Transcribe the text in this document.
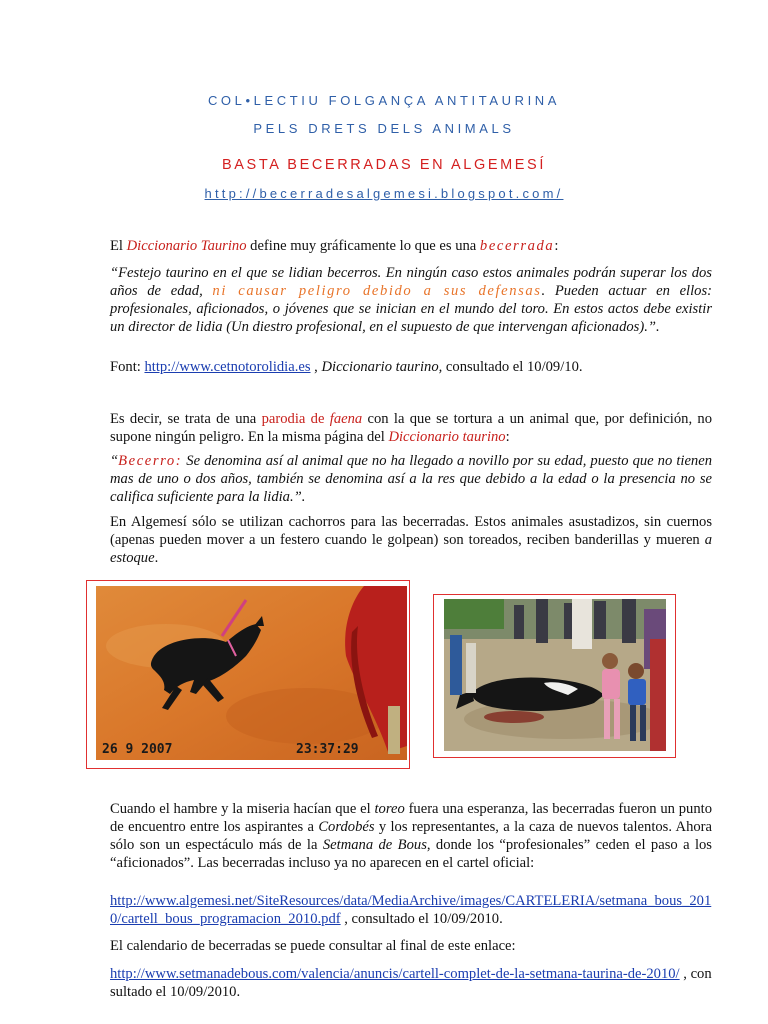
COL•LECTIU FOLGANÇA ANTITAURINA
PELS DRETS DELS ANIMALS
BASTA BECERRADAS EN ALGEMESÍ
http://becerradesalgemesi.blogspot.com/

El Diccionario Taurino define muy gráficamente lo que es una becerrada:

“Festejo taurino en el que se lidian becerros. En ningún caso estos animales podrán superar los dos años de edad, ni causar peligro debido a sus defensas. Pueden actuar en ellos: profesionales, aficionados, o jóvenes que se inician en el mundo del toro. En estos actos debe existir un director de lidia (Un diestro profesional, en el supuesto de que intervengan aficionados).”.

Font: http://www.cetnotorolidia.es , Diccionario taurino, consultado el 10/09/10.

Es decir, se trata de una parodia de faena con la que se tortura a un animal que, por definición, no supone ningún peligro. En la misma página del Diccionario taurino:

“Becerro: Se denomina así al animal que no ha llegado a novillo por su edad, puesto que no tienen mas de uno o dos años, también se denomina así a la res que debido a la edad o la presencia no se califica suficiente para la lidia.”.

En Algemesí sólo se utilizan cachorros para las becerradas. Estos animales asustadizos, sin cuernos (apenas pueden mover a un festero cuando le golpean) son toreados, reciben banderillas y mueren a estoque.

26 9 2007	23:37:29

Cuando el hambre y la miseria hacían que el toreo fuera una esperanza, las becerradas fueron un punto de encuentro entre los aspirantes a Cordobés y los representantes, a la caza de nuevos talentos. Ahora sólo son un espectáculo más de la Setmana de Bous, donde los “profesionales” ceden el paso a los “aficionados”. Las becerradas incluso ya no aparecen en el cartel oficial:

http://www.algemesi.net/SiteResources/data/MediaArchive/images/CARTELERIA/setmana_bous_2010/cartell_bous_programacion_2010.pdf , consultado el 10/09/2010.

El calendario de becerradas se puede consultar al final de este enlace:

http://www.setmanadebous.com/valencia/anuncis/cartell-complet-de-la-setmana-taurina-de-2010/ , consultado el 10/09/2010.
